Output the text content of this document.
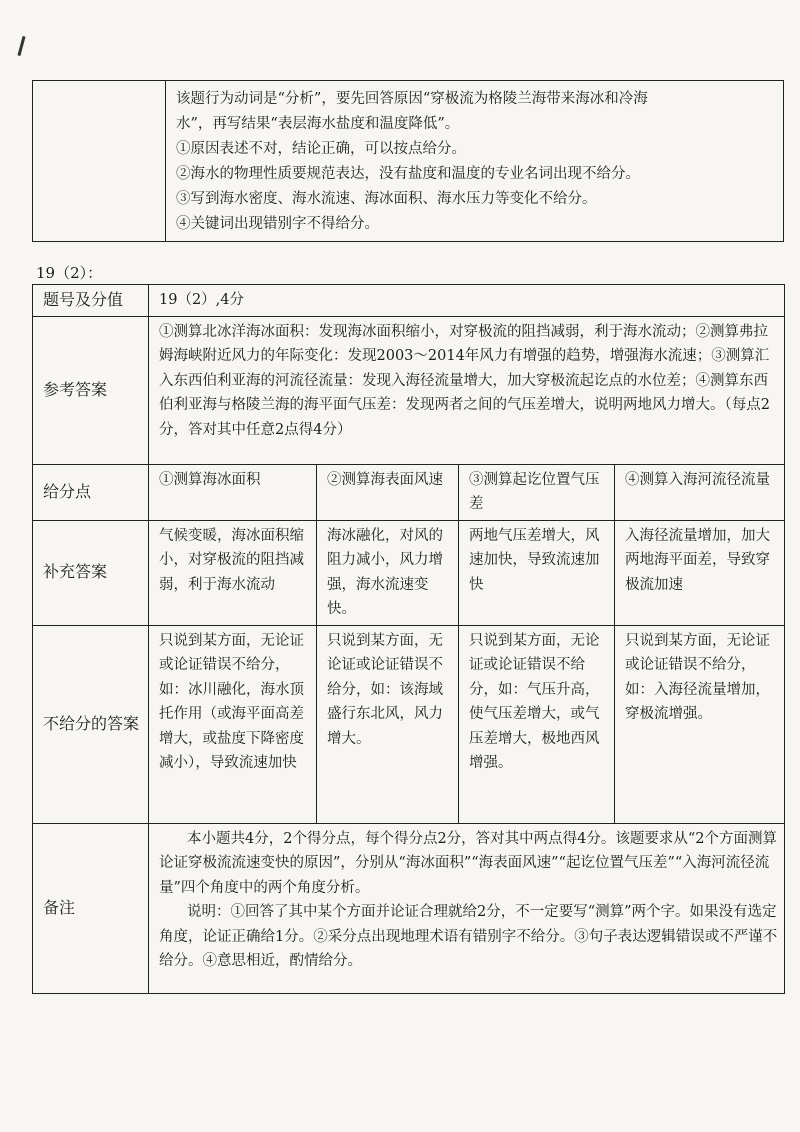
该题行为动词是“分析”，要先回答原因“穿极流为格陵兰海带来海冰和冷海
水”，再写结果“表层海水盐度和温度降低”。
①原因表述不对，结论正确，可以按点给分。
②海水的物理性质要规范表达，没有盐度和温度的专业名词出现不给分。
③写到海水密度、海水流速、海冰面积、海水压力等变化不给分。
④关键词出现错别字不得给分。
19（2）：
题号及分值	19（2）,4分			
参考答案	①测算北冰洋海冰面积：发现海冰面积缩小，对穿极流的阻挡减弱，利于海水流动；②测算弗拉姆海峡附近风力的年际变化：发现2003～2014年风力有增强的趋势，增强海水流速；③测算汇入东西伯利亚海的河流径流量：发现入海径流量增大，加大穿极流起讫点的水位差；④测算东西伯利亚海与格陵兰海的海平面气压差：发现两者之间的气压差增大，说明两地风力增大。（每点2分，答对其中任意2点得4分）			
给分点	①测算海冰面积	②测算海表面风速	③测算起讫位置气压差	④测算入海河流径流量
补充答案	气候变暖，海冰面积缩小，对穿极流的阻挡减弱，利于海水流动	海冰融化，对风的阻力减小，风力增强，海水流速变快。	两地气压差增大，风速加快，导致流速加快	入海径流量增加，加大两地海平面差，导致穿极流加速
不给分的答案	只说到某方面，无论证或论证错误不给分，如：冰川融化，海水顶托作用（或海平面高差增大，或盐度下降密度减小），导致流速加快	只说到某方面，无论证或论证错误不给分，如：该海域盛行东北风，风力增大。	只说到某方面，无论证或论证错误不给分，如：气压升高，使气压差增大，或气压差增大，极地西风增强。	只说到某方面，无论证或论证错误不给分，如：入海径流量增加，穿极流增强。
备注	本小题共4分，2个得分点，每个得分点2分，答对其中两点得4分。该题要求从“2个方面测算论证穿极流流速变快的原因”，分别从“海冰面积”“海表面风速”“起讫位置气压差”“入海河流径流量”四个角度中的两个角度分析。

说明：①回答了其中某个方面并论证合理就给2分，不一定要写“测算”两个字。如果没有选定角度，论证正确给1分。②采分点出现地理术语有错别字不给分。③句子表达逻辑错误或不严谨不给分。④意思相近，酌情给分。			
